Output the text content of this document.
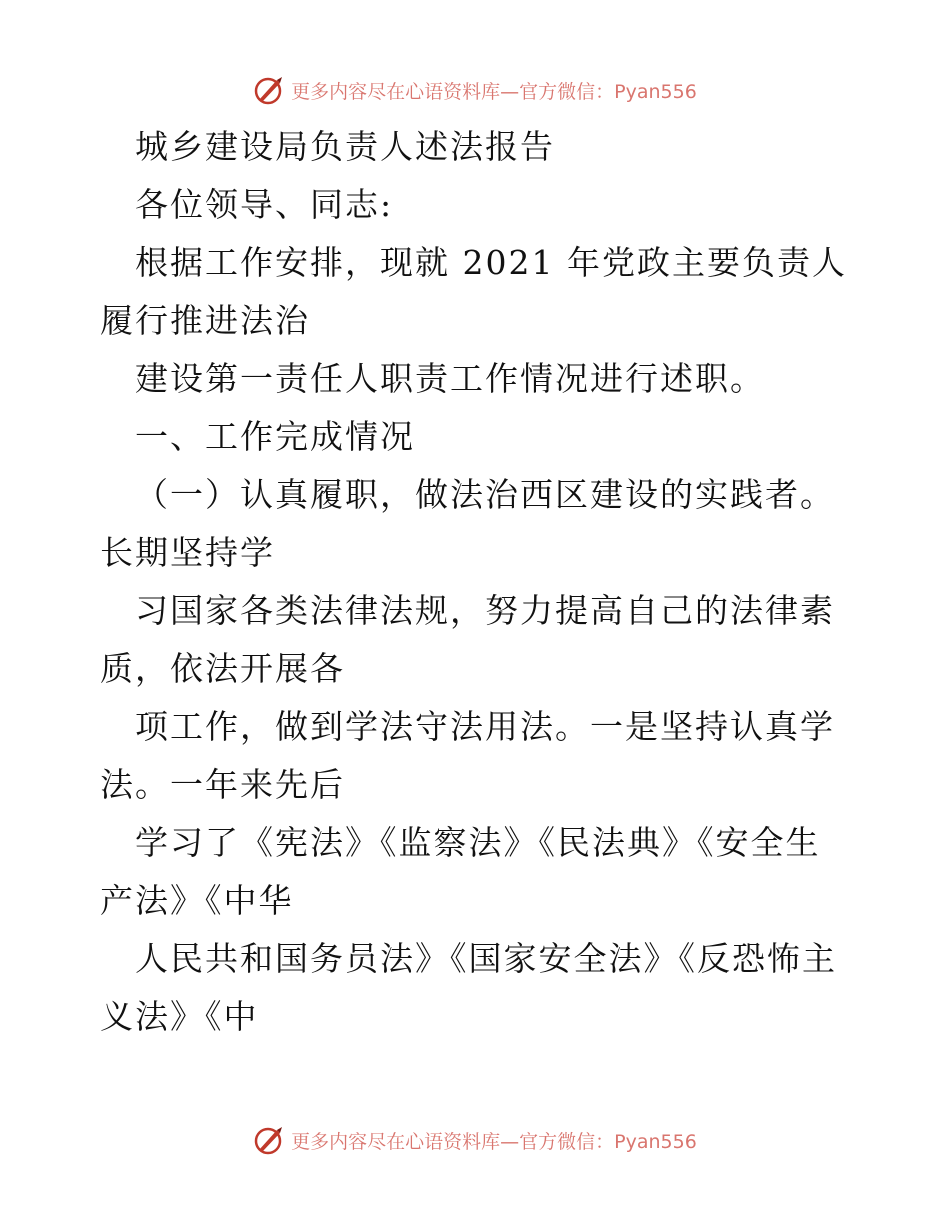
更多内容尽在心语资料库—官方微信：Pyan556

城乡建设局负责人述法报告

各位领导、同志:

根据工作安排，现就 2021 年党政主要负责人履行推进法治

建设第一责任人职责工作情况进行述职。

一、工作完成情况

（一）认真履职，做法治西区建设的实践者。长期坚持学

习国家各类法律法规，努力提高自己的法律素质，依法开展各

项工作，做到学法守法用法。一是坚持认真学法。一年来先后

学习了《宪法》《监察法》《民法典》《安全生产法》《中华

人民共和国务员法》《国家安全法》《反恐怖主义法》《中

更多内容尽在心语资料库—官方微信：Pyan556
